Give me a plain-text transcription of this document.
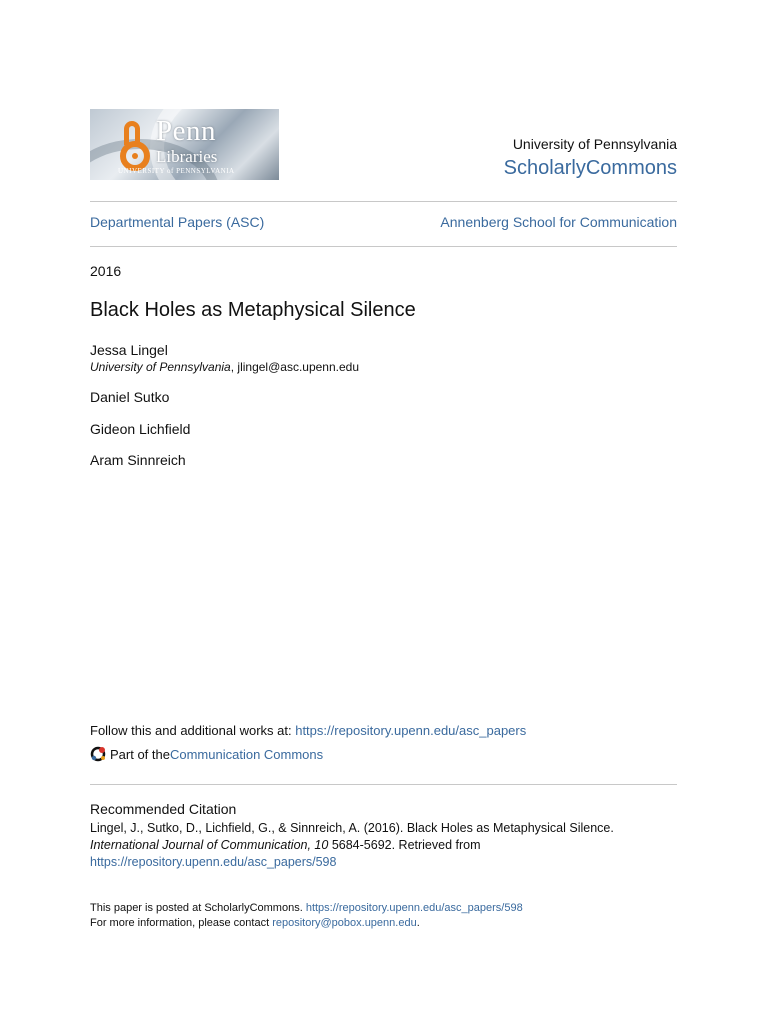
Penn
Libraries
UNIVERSITY of PENNSYLVANIA
University of Pennsylvania
ScholarlyCommons
Departmental Papers (ASC)	Annenberg School for Communication
2016
Black Holes as Metaphysical Silence
Jessa Lingel
University of Pennsylvania, jlingel@asc.upenn.edu
Daniel Sutko
Gideon Lichfield
Aram Sinnreich
Follow this and additional works at: https://repository.upenn.edu/asc_papers
Part of the Communication Commons
Recommended Citation
Lingel, J., Sutko, D., Lichfield, G., & Sinnreich, A. (2016). Black Holes as Metaphysical Silence. International Journal of Communication, 10 5684-5692. Retrieved from https://repository.upenn.edu/asc_papers/598
This paper is posted at ScholarlyCommons. https://repository.upenn.edu/asc_papers/598
For more information, please contact repository@pobox.upenn.edu.
